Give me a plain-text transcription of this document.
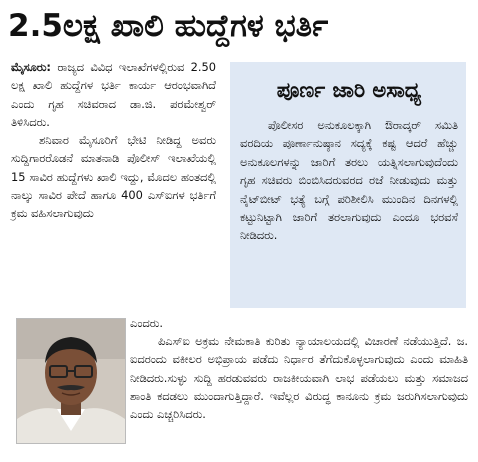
2.5ಲಕ್ಷ ಖಾಲಿ ಹುದ್ದೆಗಳ ಭರ್ತಿ

ಮೈಸೂರು: ರಾಜ್ಯದ ವಿವಿಧ ಇಲಾಖೆಗಳಲ್ಲಿರುವ 2.50 ಲಕ್ಷ ಖಾಲಿ ಹುದ್ದೆಗಳ ಭರ್ತಿ ಕಾರ್ಯ ಆರಂಭವಾಗಿದೆ ಎಂದು ಗೃಹ ಸಚಿವರಾದ ಡಾ.ಜಿ. ಪರಮೇಶ್ವರ್ ತಿಳಿಸಿದರು.

ಶನಿವಾರ ಮೈಸೂರಿಗೆ ಭೇಟಿ ನೀಡಿದ್ದ ಅವರು ಸುದ್ದಿಗಾರರೊಡನೆ ಮಾತನಾಡಿ ಪೊಲೀಸ್ ಇಲಾಖೆಯಲ್ಲಿ 15 ಸಾವಿರ ಹುದ್ದೆಗಳು ಖಾಲಿ ಇದ್ದು, ಮೊದಲ ಹಂತದಲ್ಲಿ ನಾಲ್ಕು ಸಾವಿರ ಪೇದೆ ಹಾಗೂ 400 ಎಸ್ಐಗಳ ಭರ್ತಿಗೆ ಕ್ರಮ ವಹಿಸಲಾಗುವುದು

ಪೂರ್ಣ ಜಾರಿ ಅಸಾಧ್ಯ

ಪೊಲೀಸರ ಅನುಕೂಲಕ್ಕಾಗಿ ಔರಾದ್ಕರ್ ಸಮಿತಿ ವರದಿಯ ಪೂರ್ಣಾನುಷ್ಠಾನ ಸದ್ಯಕ್ಕೆ ಕಷ್ಟ ಆದರೆ ಹೆಚ್ಚು ಅನುಕೂಲಗಳನ್ನು ಜಾರಿಗೆ ತರಲು ಯತ್ನಿಸಲಾಗುವುದೆಂದು ಗೃಹ ಸಚಿವರು ಬಿಂಬಿಸಿದರುವರದ ರಜೆ ನೀಡುವುದು ಮತ್ತು ನೈಟ್‌ಬೀಟ್ ಭತ್ಯೆ ಬಗ್ಗೆ ಪರಿಶೀಲಿಸಿ ಮುಂದಿನ ದಿನಗಳಲ್ಲಿ ಕಟ್ಟುನಿಟ್ಟಾಗಿ ಜಾರಿಗೆ ತರಲಾಗುವುದು ಎಂದೂ ಭರವಸೆ ನೀಡಿದರು.

ಎಂದರು.

ಪಿಎಸ್ಐ ಅಕ್ರಮ ನೇಮಕಾತಿ ಕುರಿತು ನ್ಯಾಯಾಲಯದಲ್ಲಿ ವಿಚಾರಣೆ ನಡೆಯುತ್ತಿದೆ. ಜ. ಐದರಂದು ವಕೀಲರ ಅಭಿಪ್ರಾಯ ಪಡೆದು ನಿರ್ಧಾರ ತೆಗೆದುಕೊಳ್ಳಲಾಗುವುದು ಎಂದು ಮಾಹಿತಿ ನೀಡಿದರು.ಸುಳ್ಳು ಸುದ್ದಿ ಹರಡುವವರು ರಾಜಕೀಯವಾಗಿ ಲಾಭ ಪಡೆಯಲು ಮತ್ತು ಸಮಾಜದ ಶಾಂತಿ ಕದಡಲು ಮುಂದಾಗುತ್ತಿದ್ದಾರೆ. ಇವೆಲ್ಲರ ವಿರುದ್ಧ ಕಾನೂನು ಕ್ರಮ ಜರುಗಿಸಲಾಗುವುದು ಎಂದು ಎಚ್ಚರಿಸಿದರು.
